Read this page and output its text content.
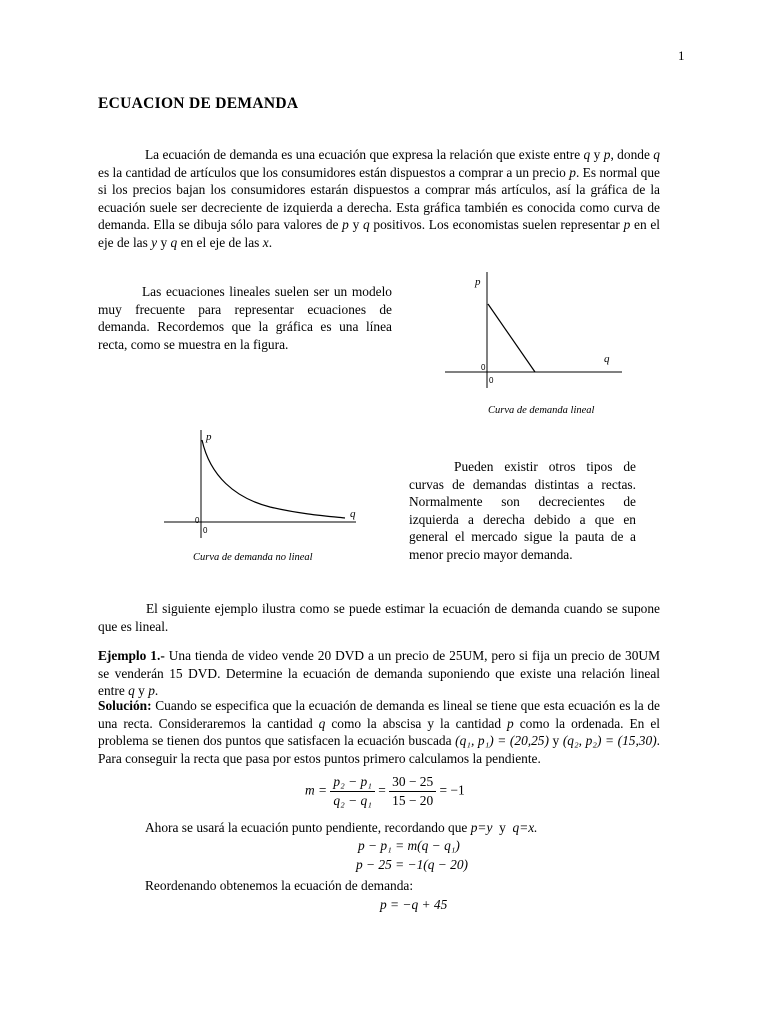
1
ECUACION DE DEMANDA
La ecuación de demanda es una ecuación que expresa la relación que existe entre q y p, donde q es la cantidad de artículos que los consumidores están dispuestos a comprar a un precio p. Es normal que si los precios bajan los consumidores estarán dispuestos a comprar más artículos, así la gráfica de la ecuación suele ser decreciente de izquierda a derecha. Esta gráfica también es conocida como curva de demanda. Ella se dibuja sólo para valores de p y q positivos. Los economistas suelen representar p en el eje de las y y q en el eje de las x.
Las ecuaciones lineales suelen ser un modelo muy frecuente para representar ecuaciones de demanda. Recordemos que la gráfica es una línea recta, como se muestra en la figura.
p
q
0
0
Curva de demanda lineal
p
q
0
0
Curva de demanda no lineal
Pueden existir otros tipos de curvas de demandas distintas a rectas. Normalmente son decrecientes de izquierda a derecha debido a que en general el mercado sigue la pauta de a menor precio mayor demanda.
El siguiente ejemplo ilustra como se puede estimar la ecuación de demanda cuando se supone que es lineal.
Ejemplo 1.- Una tienda de video vende 20 DVD a un precio de 25UM, pero si fija un precio de 30UM se venderán 15 DVD. Determine la ecuación de demanda suponiendo que existe una relación lineal entre q y p.
Solución: Cuando se especifica que la ecuación de demanda es lineal se tiene que esta ecuación es la de una recta. Consideraremos la cantidad q como la abscisa y la cantidad p como la ordenada. En el problema se tienen dos puntos que satisfacen la ecuación buscada (q₁, p₁) = (20,25) y (q₂, p₂) = (15,30). Para conseguir la recta que pasa por estos puntos primero calculamos la pendiente.
$m = \frac{\text{p₂ − p₁}}{\text{q₂ − q₁}} = \frac{30 - 25}{15 - 20} = -1$
Ahora se usará la ecuación punto pendiente, recordando que p=y  y  q=x.
p − p₁ = m(q − q₁)
p − 25 = −1(q − 20)
Reordenando obtenemos la ecuación de demanda:
p = −q + 45
